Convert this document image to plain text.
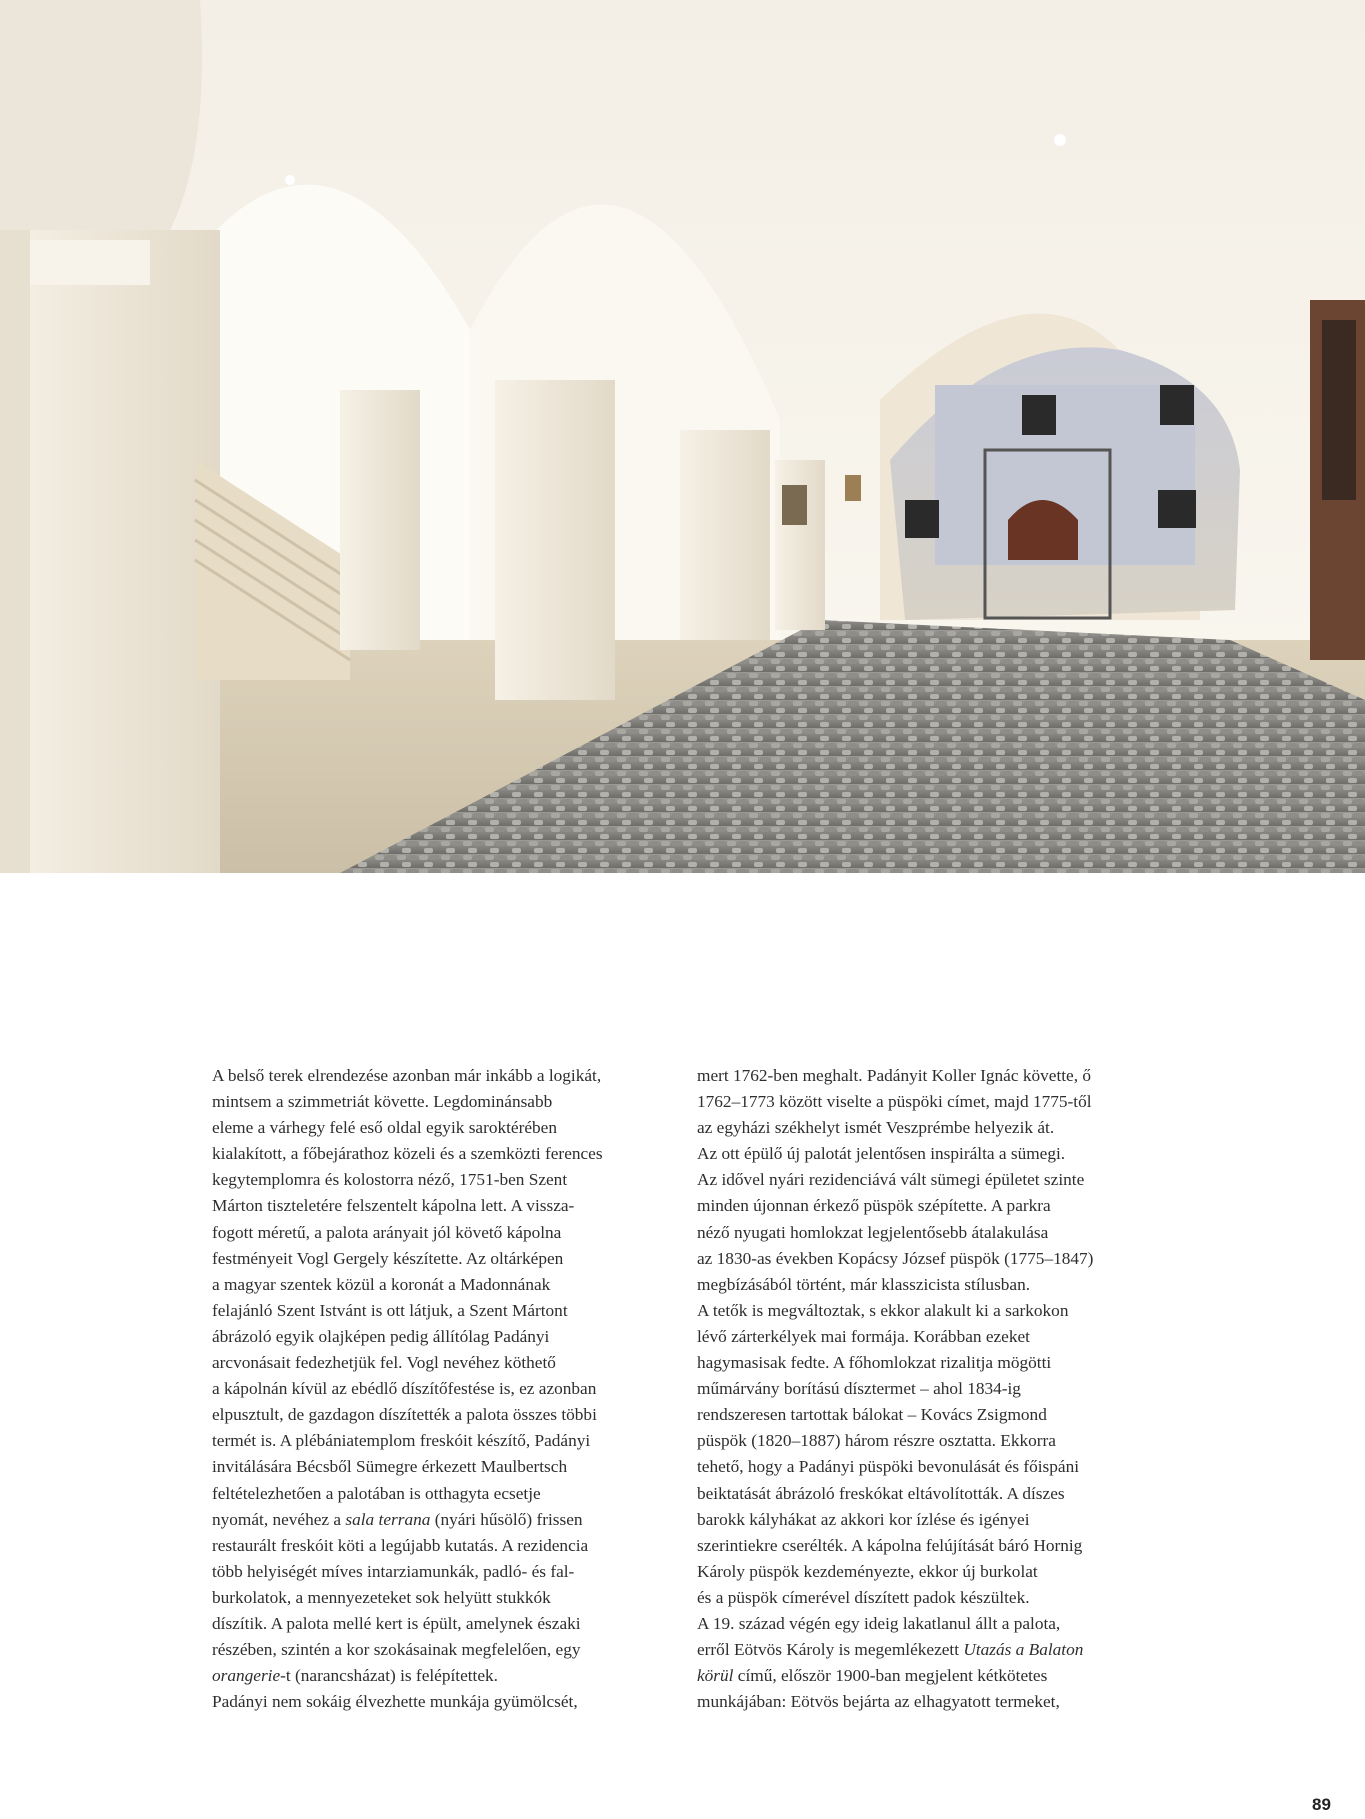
A belső terek elrendezése azonban már inkább a logikát,
mintsem a szimmetriát követte. Legdominánsabb
eleme a várhegy felé eső oldal egyik saroktérében
kialakított, a főbejárathoz közeli és a szemközti ferences
kegytemplomra és kolostorra néző, 1751-ben Szent
Márton tiszteletére felszentelt kápolna lett. A vissza-
fogott méretű, a palota arányait jól követő kápolna
festményeit Vogl Gergely készítette. Az oltárképen
a magyar szentek közül a koronát a Madonnának
felajánló Szent Istvánt is ott látjuk, a Szent Mártont
ábrázoló egyik olajképen pedig állítólag Padányi
arcvonásait fedezhetjük fel. Vogl nevéhez köthető
a kápolnán kívül az ebédlő díszítőfestése is, ez azonban
elpusztult, de gazdagon díszítették a palota összes többi
termét is. A plébániatemplom freskóit készítő, Padányi
invitálására Bécsből Sümegre érkezett Maulbertsch
feltételezhetően a palotában is otthagyta ecsetje
nyomát, nevéhez a sala terrana (nyári hűsölő) frissen
restaurált freskóit köti a legújabb kutatás. A rezidencia
több helyiségét míves intarziamunkák, padló- és fal-
burkolatok, a mennyezeteket sok helyütt stukkók
díszítik. A palota mellé kert is épült, amelynek északi
részében, szintén a kor szokásainak megfelelően, egy
orangerie-t (narancsházat) is felépítettek.
Padányi nem sokáig élvezhette munkája gyümölcsét,
mert 1762-ben meghalt. Padányit Koller Ignác követte, ő
1762–1773 között viselte a püspöki címet, majd 1775-től
az egyházi székhelyt ismét Veszprémbe helyezik át.
Az ott épülő új palotát jelentősen inspirálta a sümegi.
Az idővel nyári rezidenciává vált sümegi épületet szinte
minden újonnan érkező püspök szépítette. A parkra
néző nyugati homlokzat legjelentősebb átalakulása
az 1830-as években Kopácsy József püspök (1775–1847)
megbízásából történt, már klasszicista stílusban.
A tetők is megváltoztak, s ekkor alakult ki a sarkokon
lévő zárterkélyek mai formája. Korábban ezeket
hagymasisak fedte. A főhomlokzat rizalitja mögötti
műmárvány borítású dísztermet – ahol 1834-ig
rendszeresen tartottak bálokat – Kovács Zsigmond
püspök (1820–1887) három részre osztatta. Ekkorra
tehető, hogy a Padányi püspöki bevonulását és főispáni
beiktatását ábrázoló freskókat eltávolították. A díszes
barokk kályhákat az akkori kor ízlése és igényei
szerintiekre cserélték. A kápolna felújítását báró Hornig
Károly püspök kezdeményezte, ekkor új burkolat
és a püspök címerével díszített padok készültek.
A 19. század végén egy ideig lakatlanul állt a palota,
erről Eötvös Károly is megemlékezett Utazás a Balaton
körül című, először 1900-ban megjelent kétkötetes
munkájában: Eötvös bejárta az elhagyatott termeket,
89
